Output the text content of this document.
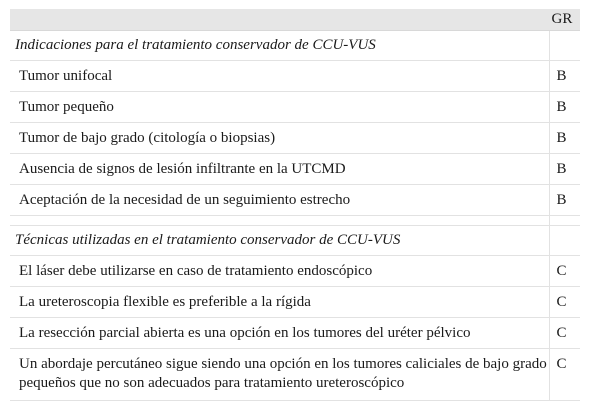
	GR
Indicaciones para el tratamiento conservador de CCU-VUS	
Tumor unifocal	B
Tumor pequeño	B
Tumor de bajo grado (citología o biopsias)	B
Ausencia de signos de lesión infiltrante en la UTCMD	B
Aceptación de la necesidad de un seguimiento estrecho	B

Técnicas utilizadas en el tratamiento conservador de CCU-VUS	
El láser debe utilizarse en caso de tratamiento endoscópico	C
La ureteroscopia flexible es preferible a la rígida	C
La resección parcial abierta es una opción en los tumores del uréter pélvico	C
Un abordaje percutáneo sigue siendo una opción en los tumores caliciales de bajo grado pequeños que no son adecuados para tratamiento ureteroscópico	C
